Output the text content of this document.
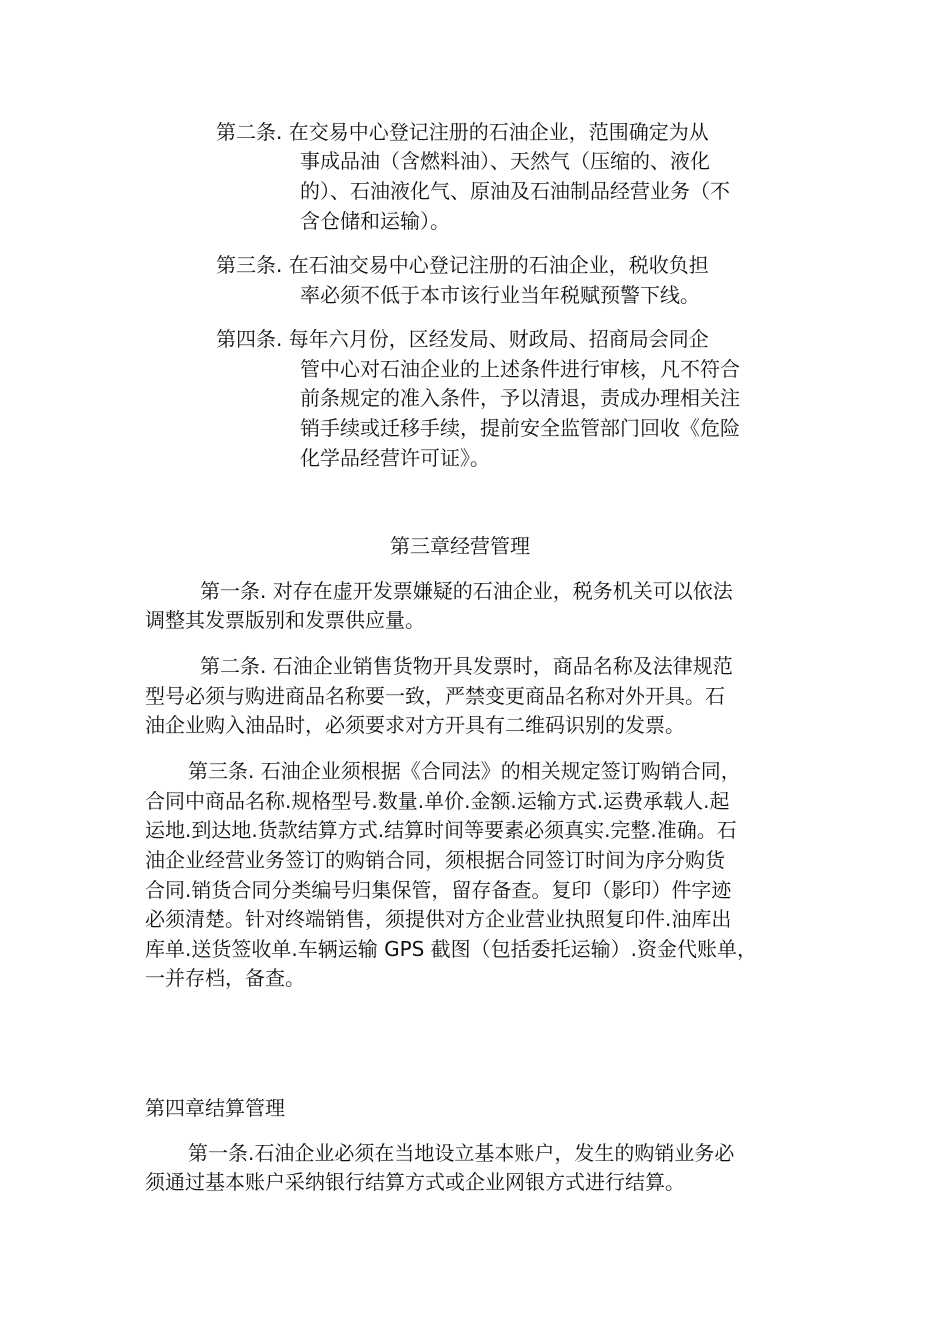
第二条. 在交易中心登记注册的石油企业，范围确定为从
事成品油（含燃料油）、天然气（压缩的、液化
的）、石油液化气、原油及石油制品经营业务（不
含仓储和运输）。
第三条. 在石油交易中心登记注册的石油企业，税收负担
率必须不低于本市该行业当年税赋预警下线。
第四条. 每年六月份，区经发局、财政局、招商局会同企
管中心对石油企业的上述条件进行审核，凡不符合
前条规定的准入条件，予以清退，责成办理相关注
销手续或迁移手续，提前安全监管部门回收《危险
化学品经营许可证》。
第三章经营管理
第一条. 对存在虚开发票嫌疑的石油企业，税务机关可以依法
调整其发票版别和发票供应量。
第二条. 石油企业销售货物开具发票时，商品名称及法律规范
型号必须与购进商品名称要一致，严禁变更商品名称对外开具。石
油企业购入油品时，必须要求对方开具有二维码识别的发票。
第三条. 石油企业须根据《合同法》的相关规定签订购销合同，
合同中商品名称.规格型号.数量.单价.金额.运输方式.运费承载人.起
运地.到达地.货款结算方式.结算时间等要素必须真实.完整.准确。石
油企业经营业务签订的购销合同，须根据合同签订时间为序分购货
合同.销货合同分类编号归集保管，留存备查。复印（影印）件字迹
必须清楚。针对终端销售，须提供对方企业营业执照复印件.油库出
库单.送货签收单.车辆运输 GPS 截图（包括委托运输）.资金代账单，
一并存档，备查。
第四章结算管理
第一条.石油企业必须在当地设立基本账户，发生的购销业务必
须通过基本账户采纳银行结算方式或企业网银方式进行结算。
